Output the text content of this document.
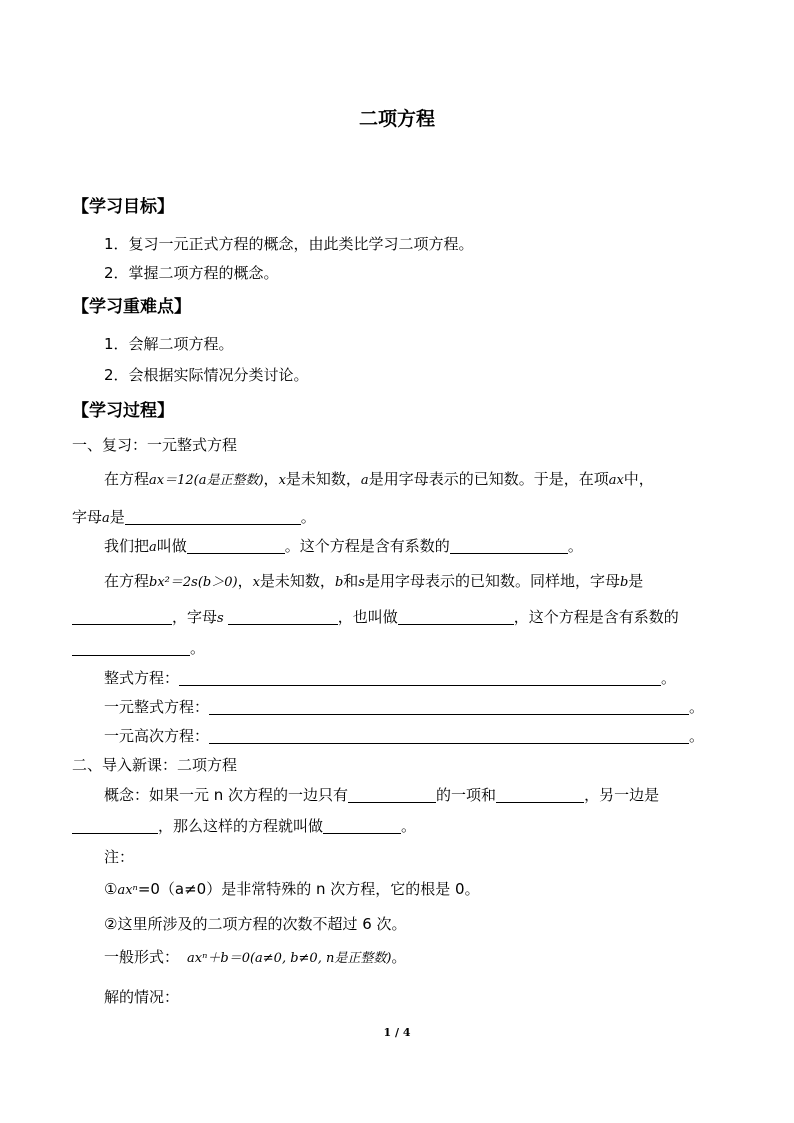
二项方程
【学习目标】
1．复习一元正式方程的概念，由此类比学习二项方程。
2．掌握二项方程的概念。
【学习重难点】
1．会解二项方程。
2．会根据实际情况分类讨论。
【学习过程】
一、复习：一元整式方程
在方程ax＝12(a是正整数)，x是未知数，a是用字母表示的已知数。于是，在项ax中，
字母a是	。
我们把a叫做	。这个方程是含有系数的	。
在方程bx²＝2s(b＞0)，x是未知数，b和s是用字母表示的已知数。同样地，字母b是
，字母s	，也叫做	，这个方程是含有系数的
。
整式方程：	。
一元整式方程：	。
一元高次方程：	。
二、导入新课：二项方程
概念：如果一元 n 次方程的一边只有	的一项和	，另一边是
，那么这样的方程就叫做	。
注：
①axⁿ=0（a≠0）是非常特殊的 n 次方程，它的根是 0。
②这里所涉及的二项方程的次数不超过 6 次。
一般形式： axⁿ＋b＝0(a≠0, b≠0, n是正整数)。
解的情况：
1 / 4
